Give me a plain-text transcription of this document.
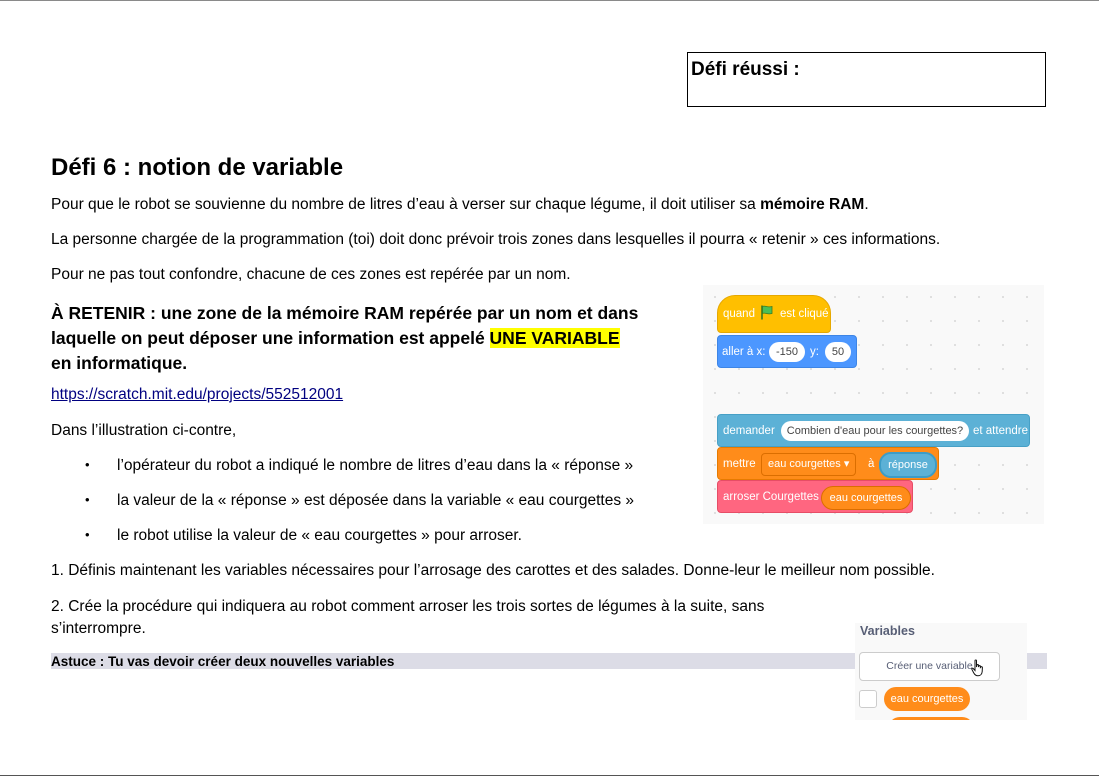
Défi réussi :
Défi 6 : notion de variable
Pour que le robot se souvienne du nombre de litres d’eau à verser sur chaque légume, il doit utiliser sa mémoire RAM.
La personne chargée de la programmation (toi) doit donc prévoir trois zones dans lesquelles il pourra « retenir » ces informations.
Pour ne pas tout confondre, chacune de ces zones est repérée par un nom.
À RETENIR : une zone de la mémoire RAM repérée par un nom et dans laquelle on peut déposer une information est appelé UNE VARIABLE
en informatique.
https://scratch.mit.edu/projects/552512001
Dans l’illustration ci-contre,
• l’opérateur du robot a indiqué le nombre de litres d’eau dans la « réponse »
• la valeur de la « réponse » est déposée dans la variable « eau courgettes »
• le robot utilise la valeur de « eau courgettes » pour arroser.
1. Définis maintenant les variables nécessaires pour l’arrosage des carottes et des salades. Donne-leur le meilleur nom possible.
2. Crée la procédure qui indiquera au robot comment arroser les trois sortes de légumes à la suite, sans s’interrompre.
Astuce : Tu vas devoir créer deux nouvelles variables
quand est cliqué
aller à x: -150	y:	50
demander	Combien d'eau pour les courgettes? et attendre
mettre	eau courgettes ▾	à	réponse
arroser Courgettes eau courgettes
Variables
Créer une variable
eau courgettes
